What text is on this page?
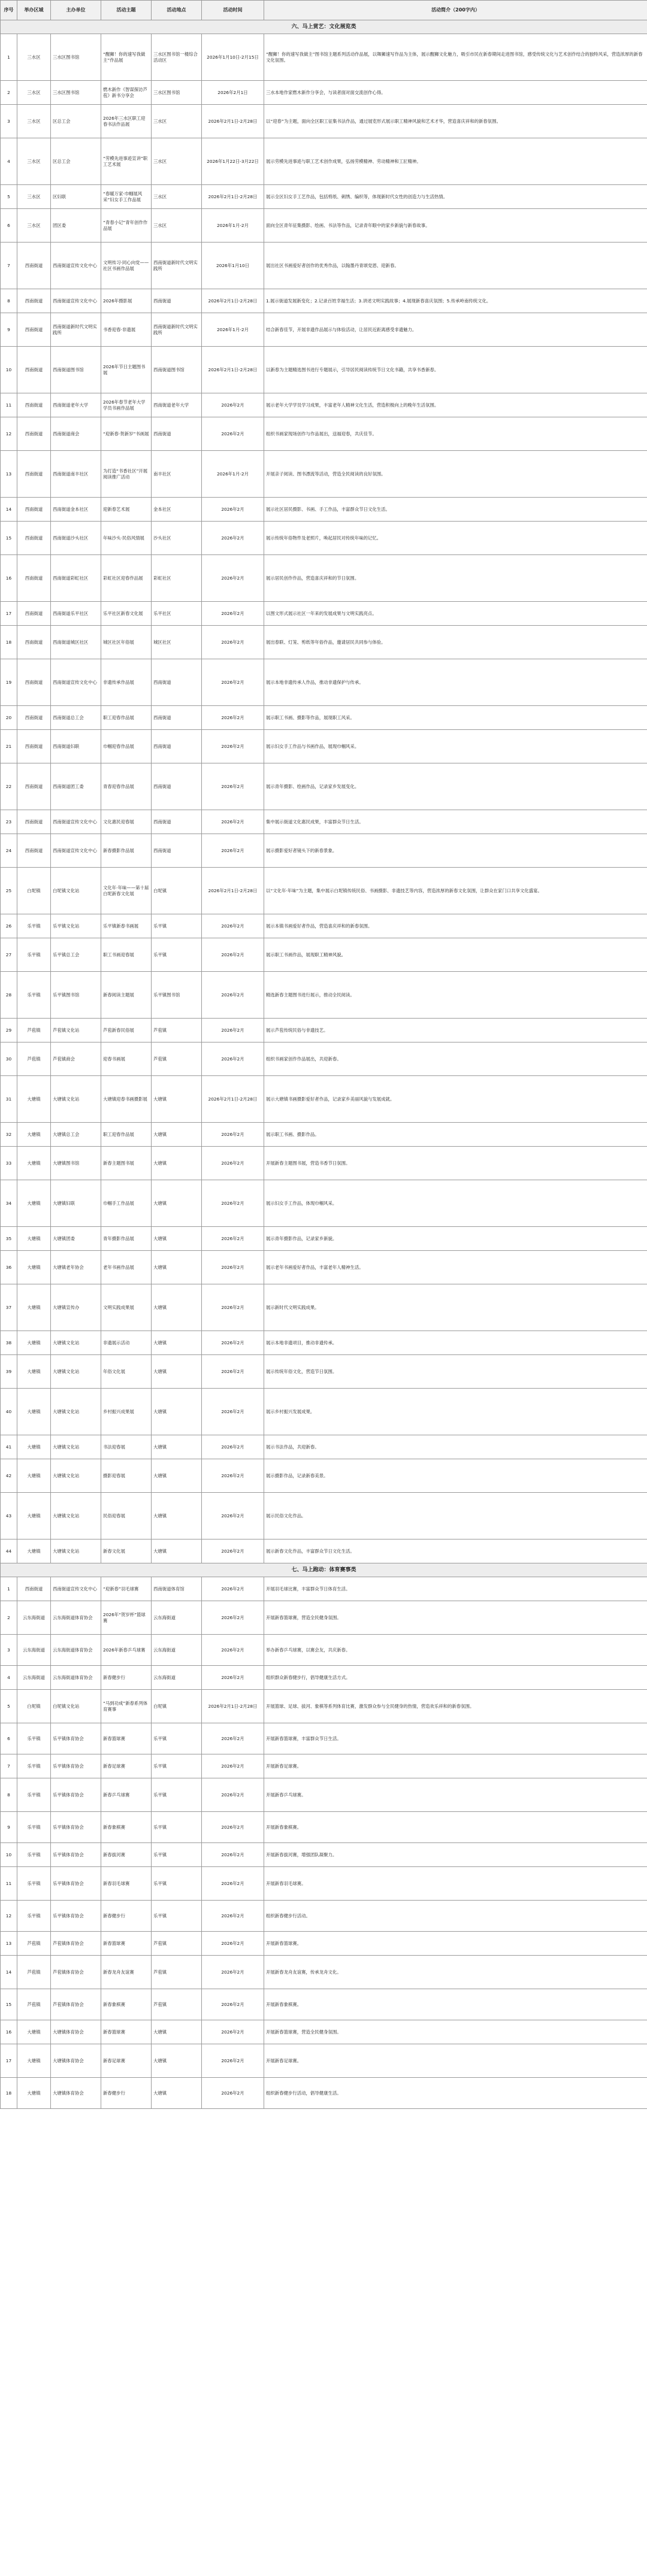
序号	举办区域	主办单位	活动主题	活动地点	活动时间	活动简介（200字内）
六、马上赏艺：文化展览类						
1	三水区	三水区图书馆	“醒狮！你的速写我做主”作品展	三水区图书馆一楼综合活动区	2026年1月10日-2月15日	“醒狮！你的速写我做主”图书馆主题系列活动作品展，以舞狮速写作品为主体，展示醒狮文化魅力，吸引市民在新春期间走进图书馆，感受传统文化与艺术创作结合的独特风采，营造浓厚的新春文化氛围。
2	三水区	三水区图书馆	燃木新作《智谋探访芦苞》新书分享会	三水区图书馆	2026年2月1日	三水本地作家燃木新作分享会，与读者面对面交流创作心得。
3	三水区	区总工会	2026年三水区职工迎春书法作品展	三水区	2026年2月1日-2月28日	以“迎春”为主题，面向全区职工征集书法作品，通过展览形式展示职工精神风貌和艺术才华，营造喜庆祥和的新春氛围。
4	三水区	区总工会	“劳模先进事迹宣讲”职工艺术展	三水区	2026年1月22日-3月22日	展示劳模先进事迹与职工艺术创作成果，弘扬劳模精神、劳动精神和工匠精神。
5	三水区	区妇联	“春暖万家·巾帼展风采”妇女手工作品展	三水区	2026年2月1日-2月28日	展示全区妇女手工艺作品，包括剪纸、刺绣、编织等，体现新时代女性的创造力与生活热情。
6	三水区	团区委	“青春小记”青年创作作品展	三水区	2026年1月-2月	面向全区青年征集摄影、绘画、书法等作品，记录青年眼中的家乡新貌与新春故事。
7	西南街道	西南街道宣传文化中心	文明传习·同心向党——社区书画作品展	西南街道新时代文明实践所	2026年1月10日	展出社区书画爱好者创作的优秀作品，以翰墨丹青颂党恩、迎新春。
8	西南街道	西南街道宣传文化中心	2026年摄影展	西南街道	2026年2月1日-2月28日	1.展示街道发展新变化；2.记录百姓幸福生活；3.讲述文明实践故事；4.展现新春喜庆氛围；5.传承岭南传统文化。
9	西南街道	西南街道新时代文明实践所	书香迎春·非遗展	西南街道新时代文明实践所	2026年1月-2月	结合新春佳节，开展非遗作品展示与体验活动，让居民近距离感受非遗魅力。
10	西南街道	西南街道图书馆	2026年节日主题图书展	西南街道图书馆	2026年2月1日-2月28日	以新春为主题精选图书进行专题展示，引导居民阅读传统节日文化书籍，共享书香新春。
11	西南街道	西南街道老年大学	2026年春节老年大学学员书画作品展	西南街道老年大学	2026年2月	展示老年大学学员学习成果，丰富老年人精神文化生活，营造积极向上的晚年生活氛围。
12	西南街道	西南街道商会	“迎新春·贺新岁”书画展	西南街道	2026年2月	组织书画家现场创作与作品展出，送福迎春，共庆佳节。
13	西南街道	西南街道南丰社区	为打造“书香社区”开展阅读推广活动	南丰社区	2026年1月-2月	开展亲子阅读、图书漂流等活动，营造全民阅读的良好氛围。
14	西南街道	西南街道金本社区	迎新春艺术展	金本社区	2026年2月	展示社区居民摄影、书画、手工作品，丰富群众节日文化生活。
15	西南街道	西南街道沙头社区	年味沙头·民俗风情展	沙头社区	2026年2月	展示传统年俗物件及老照片，唤起居民对传统年味的记忆。
16	西南街道	西南街道彩虹社区	彩虹社区迎春作品展	彩虹社区	2026年2月	展示居民创作作品，营造喜庆祥和的节日氛围。
17	西南街道	西南街道乐平社区	乐平社区新春文化展	乐平社区	2026年2月	以图文形式展示社区一年来的发展成果与文明实践亮点。
18	西南街道	西南街道城区社区	城区社区年俗展	城区社区	2026年2月	展出春联、灯笼、剪纸等年俗作品，邀请居民共同参与体验。
19	西南街道	西南街道宣传文化中心	非遗传承作品展	西南街道	2026年2月	展示本地非遗传承人作品，推动非遗保护与传承。
20	西南街道	西南街道总工会	职工迎春作品展	西南街道	2026年2月	展示职工书画、摄影等作品，展现职工风采。
21	西南街道	西南街道妇联	巾帼迎春作品展	西南街道	2026年2月	展示妇女手工作品与书画作品，展现巾帼风采。
22	西南街道	西南街道团工委	青春迎春作品展	西南街道	2026年2月	展示青年摄影、绘画作品，记录家乡发展变化。
23	西南街道	西南街道宣传文化中心	文化惠民迎春展	西南街道	2026年2月	集中展示街道文化惠民成果，丰富群众节日生活。
24	西南街道	西南街道宣传文化中心	新春摄影作品展	西南街道	2026年2月	展示摄影爱好者镜头下的新春景象。
25	白坭镇	白坭镇文化站	文化年·年味——第十届白坭新春文化展	白坭镇	2026年2月1日-2月28日	以“文化年·年味”为主题，集中展示白坭镇传统民俗、书画摄影、非遗技艺等内容，营造浓厚的新春文化氛围，让群众在家门口共享文化盛宴。
26	乐平镇	乐平镇文化站	乐平镇新春书画展	乐平镇	2026年2月	展示本镇书画爱好者作品，营造喜庆祥和的新春氛围。
27	乐平镇	乐平镇总工会	职工书画迎春展	乐平镇	2026年2月	展示职工书画作品，展现职工精神风貌。
28	乐平镇	乐平镇图书馆	新春阅读主题展	乐平镇图书馆	2026年2月	精选新春主题图书进行展示，推动全民阅读。
29	芦苞镇	芦苞镇文化站	芦苞新春民俗展	芦苞镇	2026年2月	展示芦苞传统民俗与非遗技艺。
30	芦苞镇	芦苞镇商会	迎春书画展	芦苞镇	2026年2月	组织书画家创作作品展出，共迎新春。
31	大塘镇	大塘镇文化站	大塘镇迎春书画摄影展	大塘镇	2026年2月1日-2月28日	展示大塘镇书画摄影爱好者作品，记录家乡美丽风貌与发展成就。
32	大塘镇	大塘镇总工会	职工迎春作品展	大塘镇	2026年2月	展示职工书画、摄影作品。
33	大塘镇	大塘镇图书馆	新春主题图书展	大塘镇	2026年2月	开展新春主题图书展，营造书香节日氛围。
34	大塘镇	大塘镇妇联	巾帼手工作品展	大塘镇	2026年2月	展示妇女手工作品，体现巾帼风采。
35	大塘镇	大塘镇团委	青年摄影作品展	大塘镇	2026年2月	展示青年摄影作品，记录家乡新貌。
36	大塘镇	大塘镇老年协会	老年书画作品展	大塘镇	2026年2月	展示老年书画爱好者作品，丰富老年人精神生活。
37	大塘镇	大塘镇宣传办	文明实践成果展	大塘镇	2026年2月	展示新时代文明实践成果。
38	大塘镇	大塘镇文化站	非遗展示活动	大塘镇	2026年2月	展示本地非遗项目，推动非遗传承。
39	大塘镇	大塘镇文化站	年俗文化展	大塘镇	2026年2月	展示传统年俗文化，营造节日氛围。
40	大塘镇	大塘镇文化站	乡村振兴成果展	大塘镇	2026年2月	展示乡村振兴发展成果。
41	大塘镇	大塘镇文化站	书法迎春展	大塘镇	2026年2月	展示书法作品，共迎新春。
42	大塘镇	大塘镇文化站	摄影迎春展	大塘镇	2026年2月	展示摄影作品，记录新春美景。
43	大塘镇	大塘镇文化站	民俗迎春展	大塘镇	2026年2月	展示民俗文化作品。
44	大塘镇	大塘镇文化站	新春文化展	大塘镇	2026年2月	展示新春文化作品，丰富群众节日文化生活。
七、马上跑动：体育赛事类						
1	西南街道	西南街道宣传文化中心	“迎新春”羽毛球赛	西南街道体育馆	2026年2月	开展羽毛球比赛，丰富群众节日体育生活。
2	云东海街道	云东海街道体育协会	2026年“贺岁杯”篮球赛	云东海街道	2026年2月	开展新春篮球赛，营造全民健身氛围。
3	云东海街道	云东海街道体育协会	2026年新春乒乓球赛	云东海街道	2026年2月	举办新春乒乓球赛，以赛会友，共庆新春。
4	云东海街道	云东海街道体育协会	新春健步行	云东海街道	2026年2月	组织群众新春健步行，倡导健康生活方式。
5	白坭镇	白坭镇文化站	“马到功成”新春系列体育赛事	白坭镇	2026年2月1日-2月28日	开展篮球、足球、拔河、象棋等系列体育比赛，激发群众参与全民健身的热情，营造欢乐祥和的新春氛围。
6	乐平镇	乐平镇体育协会	新春篮球赛	乐平镇	2026年2月	开展新春篮球赛，丰富群众节日生活。
7	乐平镇	乐平镇体育协会	新春足球赛	乐平镇	2026年2月	开展新春足球赛。
8	乐平镇	乐平镇体育协会	新春乒乓球赛	乐平镇	2026年2月	开展新春乒乓球赛。
9	乐平镇	乐平镇体育协会	新春象棋赛	乐平镇	2026年2月	开展新春象棋赛。
10	乐平镇	乐平镇体育协会	新春拔河赛	乐平镇	2026年2月	开展新春拔河赛，增强团队凝聚力。
11	乐平镇	乐平镇体育协会	新春羽毛球赛	乐平镇	2026年2月	开展新春羽毛球赛。
12	乐平镇	乐平镇体育协会	新春健步行	乐平镇	2026年2月	组织新春健步行活动。
13	芦苞镇	芦苞镇体育协会	新春篮球赛	芦苞镇	2026年2月	开展新春篮球赛。
14	芦苞镇	芦苞镇体育协会	新春龙舟友谊赛	芦苞镇	2026年2月	开展新春龙舟友谊赛，传承龙舟文化。
15	芦苞镇	芦苞镇体育协会	新春象棋赛	芦苞镇	2026年2月	开展新春象棋赛。
16	大塘镇	大塘镇体育协会	新春篮球赛	大塘镇	2026年2月	开展新春篮球赛，营造全民健身氛围。
17	大塘镇	大塘镇体育协会	新春足球赛	大塘镇	2026年2月	开展新春足球赛。
18	大塘镇	大塘镇体育协会	新春健步行	大塘镇	2026年2月	组织新春健步行活动，倡导健康生活。
